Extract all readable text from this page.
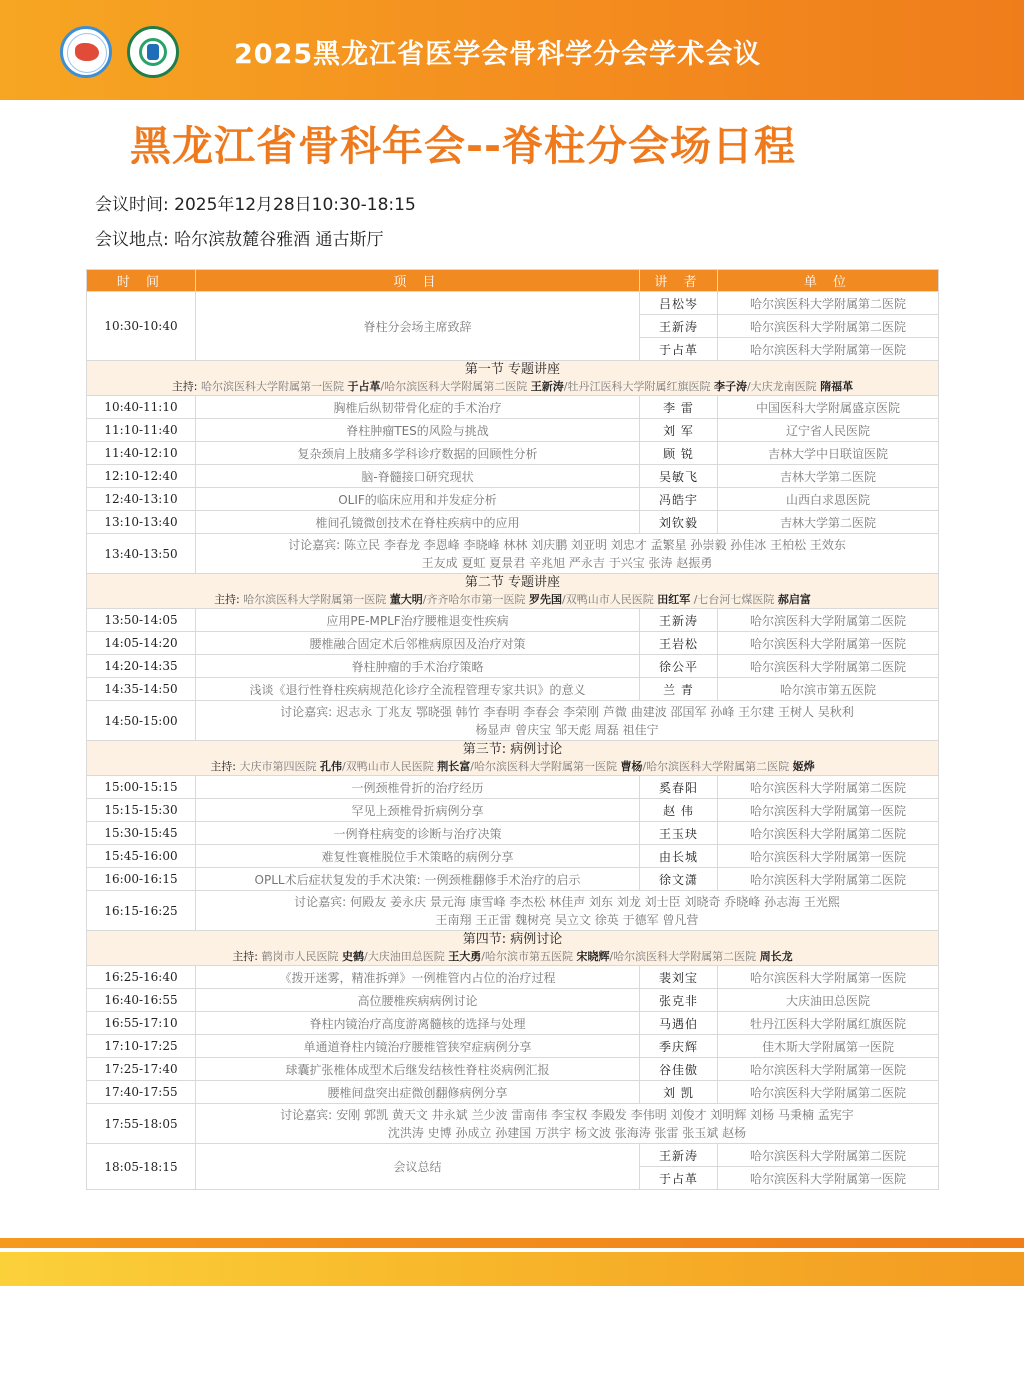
2025黑龙江省医学会骨科学分会学术会议
黑龙江省骨科年会--脊柱分会场日程
会议时间: 2025年12月28日10:30-18:15
会议地点: 哈尔滨敖麓谷雅酒 通古斯厅
时 间	项 目	讲 者	单 位
10:30-10:40	脊柱分会场主席致辞	吕松岑	哈尔滨医科大学附属第二医院
		王新涛	哈尔滨医科大学附属第二医院
		于占革	哈尔滨医科大学附属第一医院

第一节 专题讲座
主持: 哈尔滨医科大学附属第一医院 于占革/哈尔滨医科大学附属第二医院 王新涛/牡丹江医科大学附属红旗医院 李子涛/大庆龙南医院 隋福革			

10:40-11:10	胸椎后纵韧带骨化症的手术治疗	李 雷	中国医科大学附属盛京医院
11:10-11:40	脊柱肿瘤TES的风险与挑战	刘 军	辽宁省人民医院
11:40-12:10	复杂颈肩上肢痛多学科诊疗数据的回顾性分析	顾 锐	吉林大学中日联谊医院
12:10-12:40	脑-脊髓接口研究现状	吴敏飞	吉林大学第二医院
12:40-13:10	OLIF的临床应用和并发症分析	冯皓宇	山西白求恩医院
13:10-13:40	椎间孔镜微创技术在脊柱疾病中的应用	刘钦毅	吉林大学第二医院
13:40-13:50	讨论嘉宾: 陈立民 李春龙 李恩峰 李晓峰 林林 刘庆鹏 刘亚明 刘忠才 孟繁星 孙崇毅 孙佳冰 王柏松 王效东
王友成 夏虹 夏景君 辛兆旭 严永吉 于兴宝 张涛 赵振勇		

第二节 专题讲座
主持: 哈尔滨医科大学附属第一医院 董大明/齐齐哈尔市第一医院 罗先国/双鸭山市人民医院 田红军 /七台河七煤医院 郝启富			

13:50-14:05	应用PE-MPLF治疗腰椎退变性疾病	王新涛	哈尔滨医科大学附属第二医院
14:05-14:20	腰椎融合固定术后邻椎病原因及治疗对策	王岩松	哈尔滨医科大学附属第一医院
14:20-14:35	脊柱肿瘤的手术治疗策略	徐公平	哈尔滨医科大学附属第二医院
14:35-14:50	浅谈《退行性脊柱疾病规范化诊疗全流程管理专家共识》的意义	兰 青	哈尔滨市第五医院
14:50-15:00	讨论嘉宾: 迟志永 丁兆友 鄂晓强 韩竹 李春明 李春会 李荣刚 芦微 曲建波 邵国军 孙峰 王尔建 王树人 吴秋利
杨显声 曾庆宝 邹天彪 周磊 祖佳宁		

第三节: 病例讨论
主持: 大庆市第四医院 孔伟/双鸭山市人民医院 荆长富/哈尔滨医科大学附属第一医院 曹杨/哈尔滨医科大学附属第二医院 姬烨			

15:00-15:15	一例颈椎骨折的治疗经历	奚春阳	哈尔滨医科大学附属第二医院
15:15-15:30	罕见上颈椎骨折病例分享	赵 伟	哈尔滨医科大学附属第一医院
15:30-15:45	一例脊柱病变的诊断与治疗决策	王玉玦	哈尔滨医科大学附属第二医院
15:45-16:00	难复性寰椎脱位手术策略的病例分享	由长城	哈尔滨医科大学附属第一医院
16:00-16:15	OPLL术后症状复发的手术决策: 一例颈椎翻修手术治疗的启示	徐文潇	哈尔滨医科大学附属第二医院
16:15-16:25	讨论嘉宾: 何殿友 姜永庆 景元海 康雪峰 李杰松 林佳声 刘东 刘龙 刘士臣 刘晓奇 乔晓峰 孙志海 王光熙
王南翔 王正雷 魏树亮 吴立文 徐英 于德军 曾凡营		

第四节: 病例讨论
主持: 鹤岗市人民医院 史鹤/大庆油田总医院 王大勇/哈尔滨市第五医院 宋晓辉/哈尔滨医科大学附属第二医院 周长龙			

16:25-16:40	《拨开迷雾，精准拆弹》一例椎管内占位的治疗过程	裴刘宝	哈尔滨医科大学附属第一医院
16:40-16:55	高位腰椎疾病病例讨论	张克非	大庆油田总医院
16:55-17:10	脊柱内镜治疗高度游离髓核的选择与处理	马遇伯	牡丹江医科大学附属红旗医院
17:10-17:25	单通道脊柱内镜治疗腰椎管狭窄症病例分享	季庆辉	佳木斯大学附属第一医院
17:25-17:40	球囊扩张椎体成型术后继发结核性脊柱炎病例汇报	谷佳傲	哈尔滨医科大学附属第一医院
17:40-17:55	腰椎间盘突出症微创翻修病例分享	刘 凯	哈尔滨医科大学附属第二医院
17:55-18:05	讨论嘉宾: 安刚 郭凯 黄天文 井永斌 兰少波 雷南伟 李宝权 李殿发 李伟明 刘俊才 刘明辉 刘杨 马秉楠 孟宪宇
沈洪涛 史博 孙成立 孙建国 万洪宇 杨文波 张海涛 张雷 张玉斌 赵杨		

18:05-18:15	会议总结	王新涛	哈尔滨医科大学附属第二医院
		于占革	哈尔滨医科大学附属第一医院
